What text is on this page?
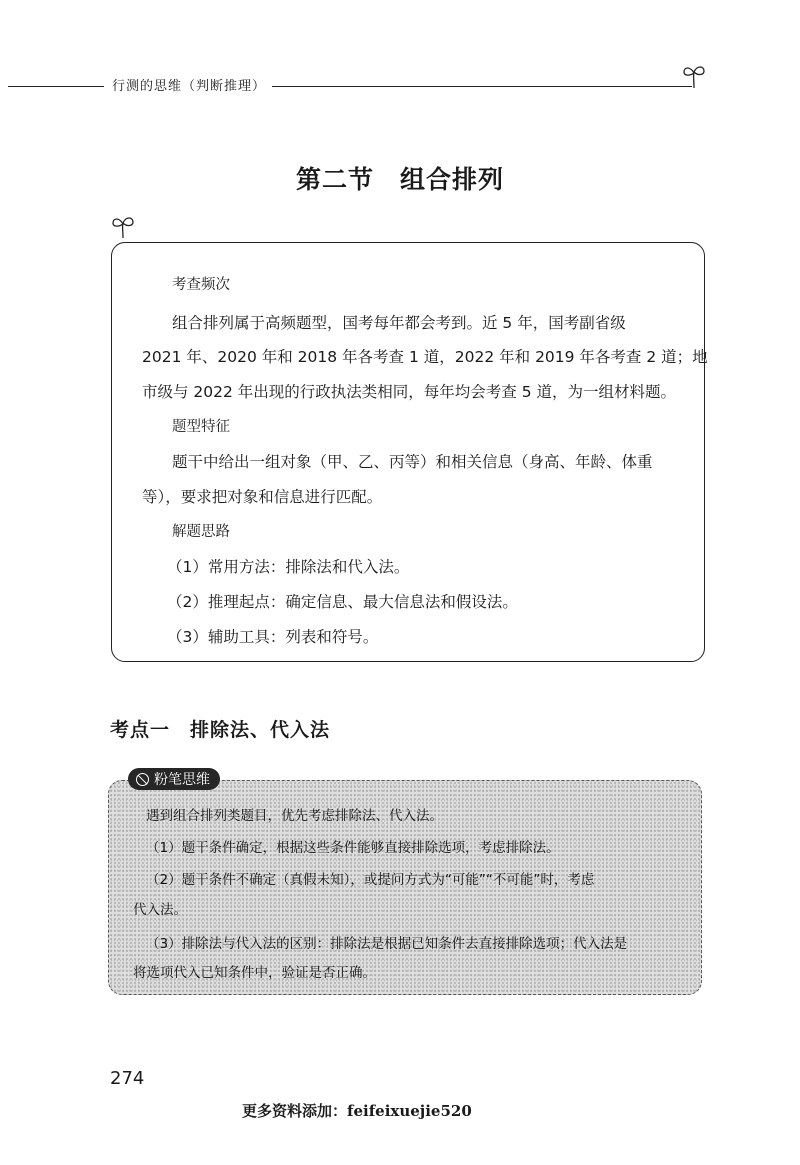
行测的思维（判断推理）
第二节 组合排列
考查频次
组合排列属于高频题型，国考每年都会考到。近 5 年，国考副省级
2021 年、2020 年和 2018 年各考查 1 道，2022 年和 2019 年各考查 2 道；地
市级与 2022 年出现的行政执法类相同，每年均会考查 5 道，为一组材料题。
题型特征
题干中给出一组对象（甲、乙、丙等）和相关信息（身高、年龄、体重
等），要求把对象和信息进行匹配。
解题思路
（1）常用方法：排除法和代入法。
（2）推理起点：确定信息、最大信息法和假设法。
（3）辅助工具：列表和符号。
考点一　排除法、代入法
遇到组合排列类题目，优先考虑排除法、代入法。
（1）题干条件确定，根据这些条件能够直接排除选项，考虑排除法。
（2）题干条件不确定（真假未知），或提问方式为“可能”“不可能”时，考虑
代入法。
（3）排除法与代入法的区别：排除法是根据已知条件去直接排除选项；代入法是
将选项代入已知条件中，验证是否正确。
粉笔思维
274
更多资料添加：feifeixuejie520
